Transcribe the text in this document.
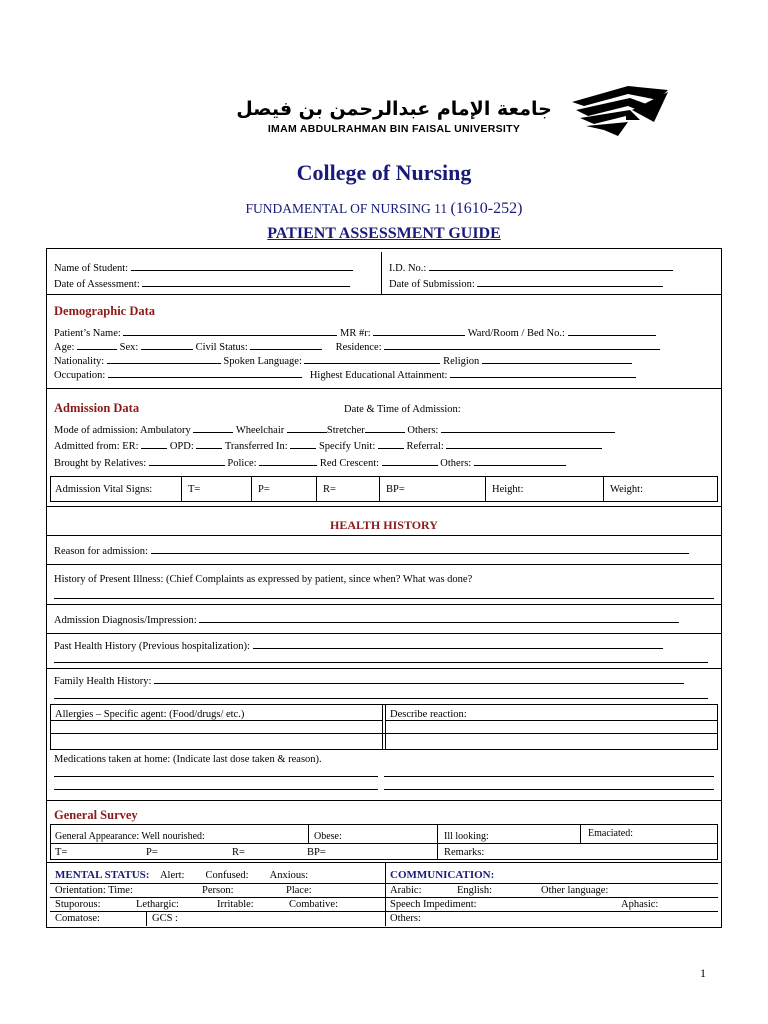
جامعة الإمام عبدالرحمن بن فيصل
IMAM ABDULRAHMAN BIN FAISAL UNIVERSITY
College of Nursing
FUNDAMENTAL OF NURSING 11 (1610-252)
PATIENT ASSESSMENT GUIDE
Name of Student:	I.D. No.:
Date of Assessment:	Date of Submission:
Demographic Data
Patient’s Name:	MR #r:	Ward/Room / Bed No.:
Age:	Sex:	Civil Status:	Residence:
Nationality:	Spoken Language:	Religion
Occupation:	Highest Educational Attainment:
Admission Data	Date & Time of Admission:
Mode of admission: Ambulatory	Wheelchair	Stretcher	Others:
Admitted from: ER:	OPD:	Transferred In:	Specify Unit:	Referral:
Brought by Relatives:	Police:	Red Crescent:	Others:
Admission Vital Signs:	T=	P=	R=	BP=	Height:	Weight:
HEALTH HISTORY
Reason for admission:
History of Present Illness: (Chief Complaints as expressed by patient, since when? What was done?
Admission Diagnosis/Impression:
Past Health History (Previous hospitalization):
Family Health History:
Allergies – Specific agent: (Food/drugs/ etc.)	Describe reaction:
Medications taken at home: (Indicate last dose taken & reason).
General Survey
General Appearance: Well nourished:	Obese:	Ill looking:	Emaciated:
T=	P=	R=	BP=	Remarks:
MENTAL STATUS: Alert: Confused: Anxious:	COMMUNICATION:
Orientation: Time:	Person:	Place:	Arabic:	English:	Other language:
Stuporous:	Lethargic:	Irritable:	Combative:	Speech Impediment:	Aphasic:
Comatose:	GCS :	Others:
1
